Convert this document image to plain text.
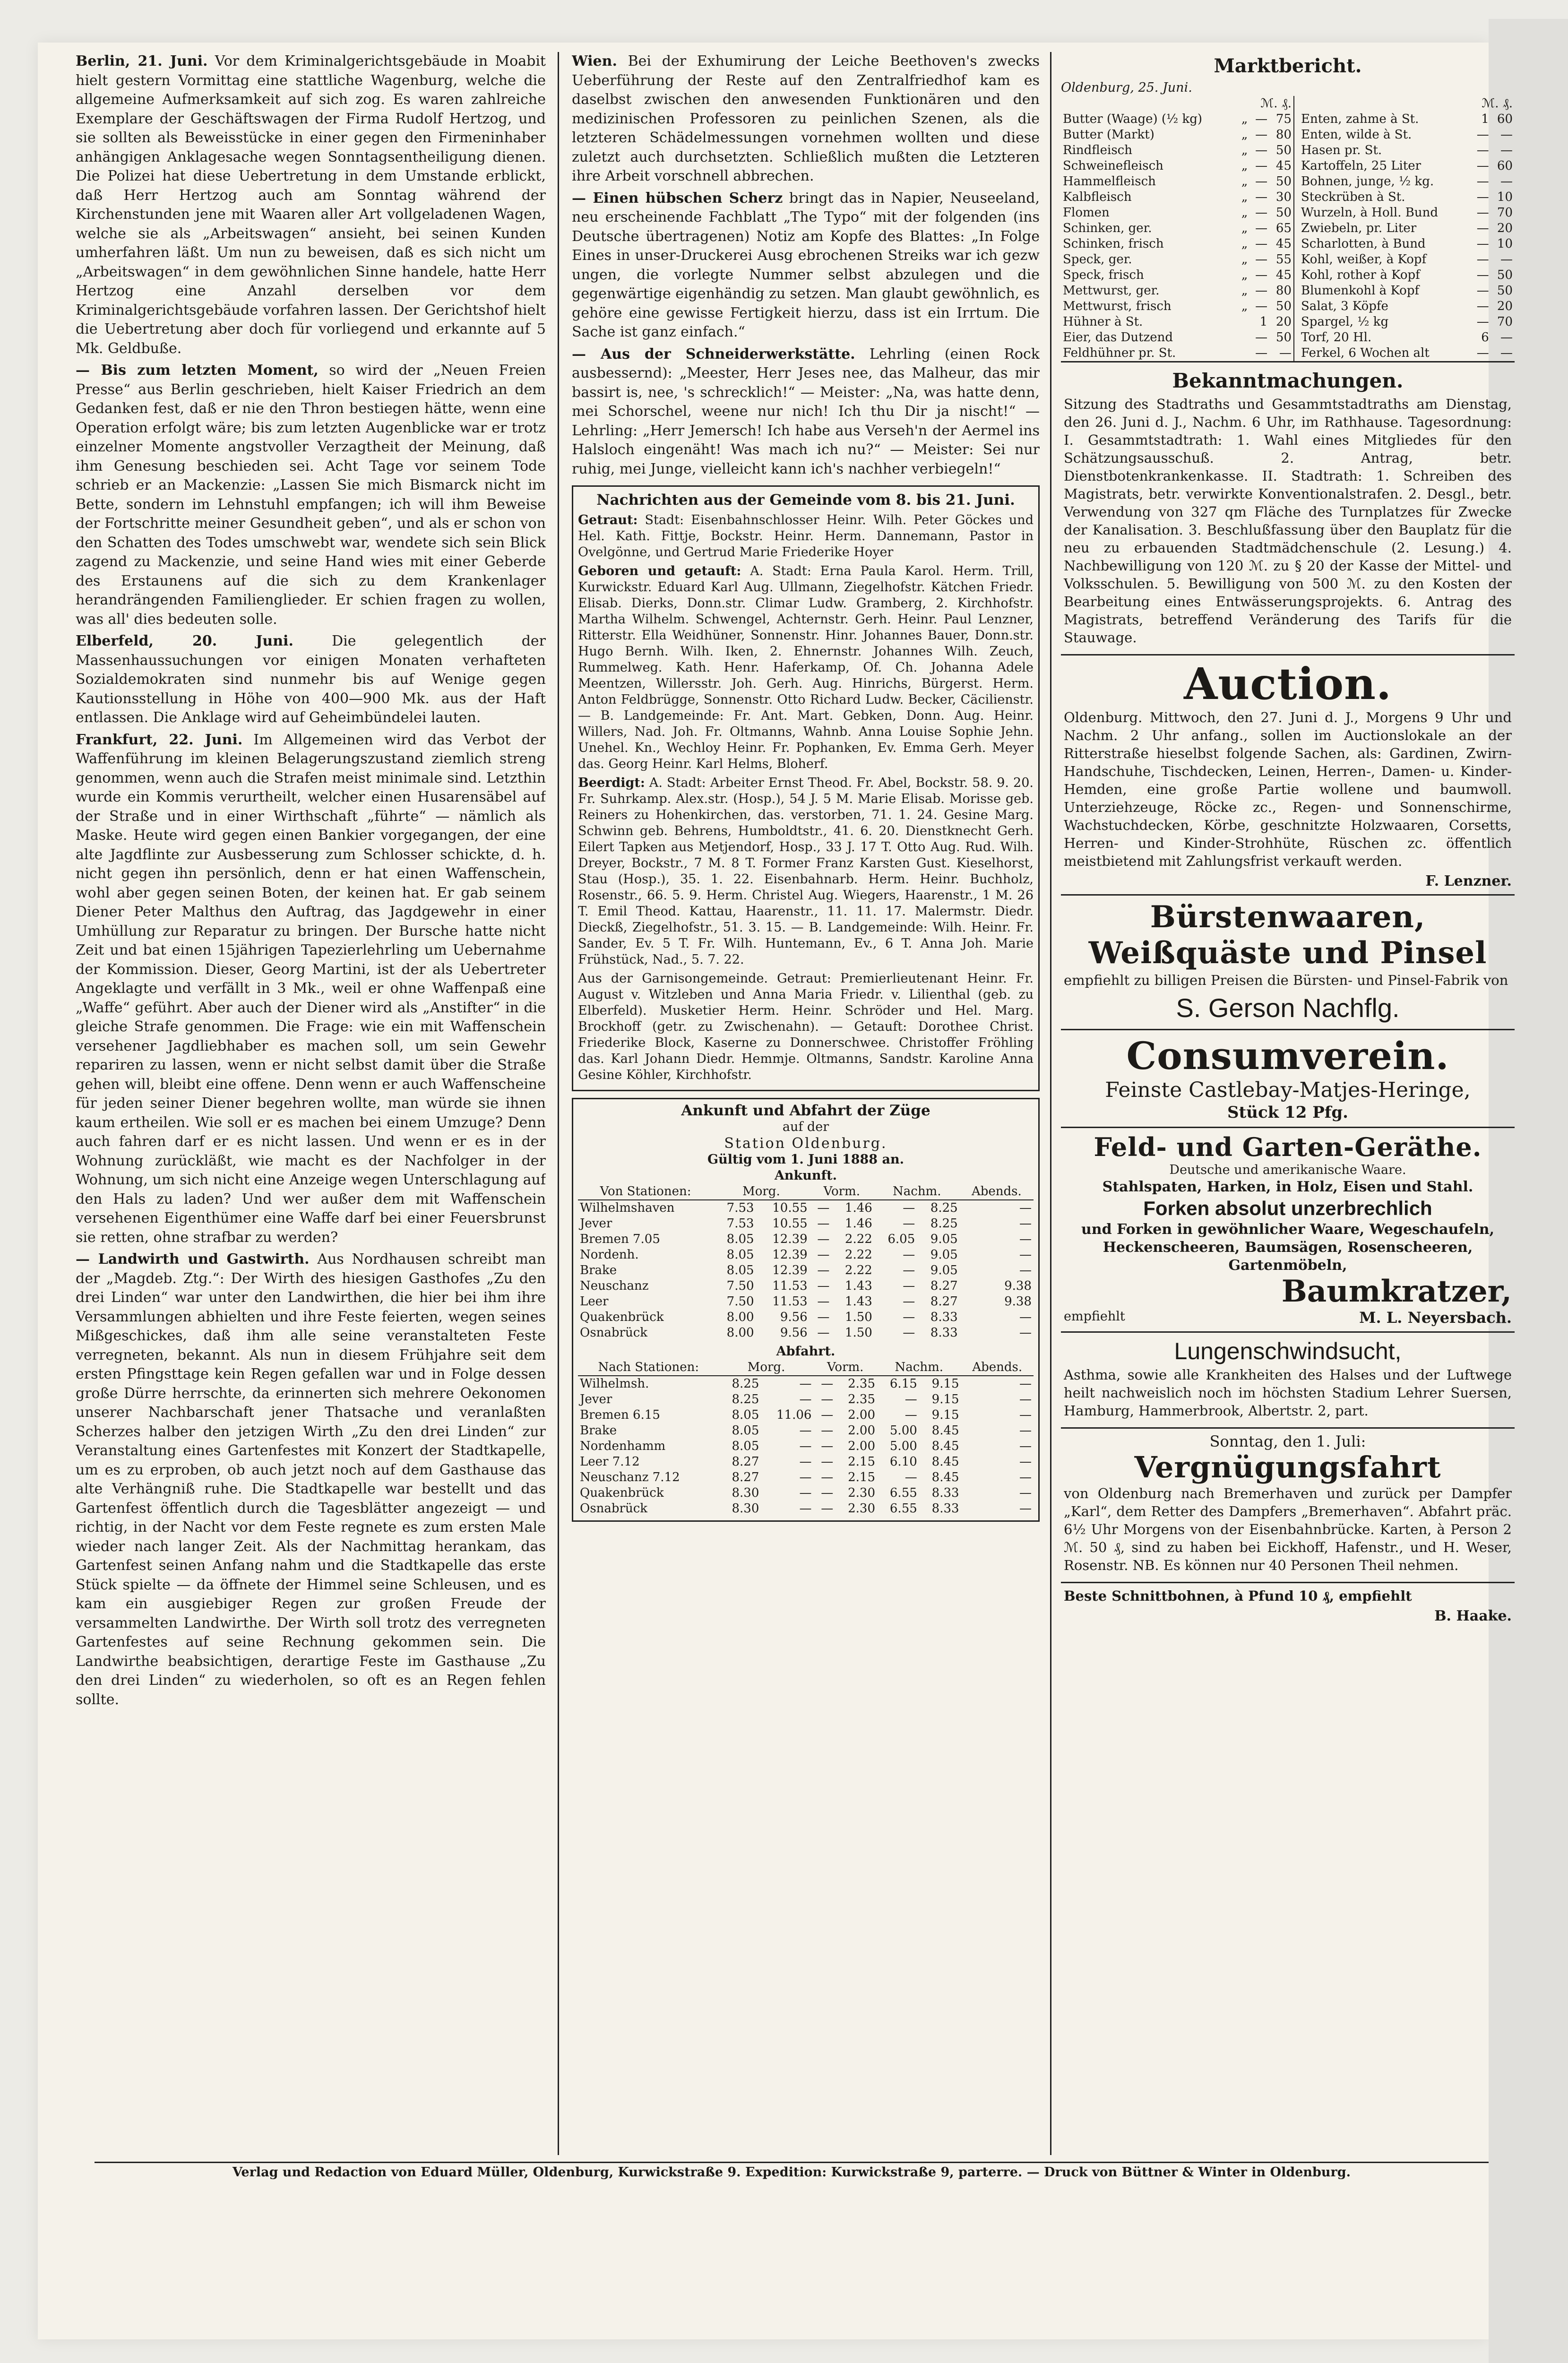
Berlin, 21. Juni. Vor dem Kriminalgerichtsgebäude in Moabit hielt gestern Vormittag eine stattliche Wagenburg, welche die allgemeine Aufmerksamkeit auf sich zog. Es waren zahlreiche Exemplare der Geschäftswagen der Firma Rudolf Hertzog, und sie sollten als Beweisstücke in einer gegen den Firmeninhaber anhängigen Anklagesache wegen Sonntagsentheiligung dienen. Die Polizei hat diese Uebertretung in dem Umstande erblickt, daß Herr Hertzog auch am Sonntag während der Kirchenstunden jene mit Waaren aller Art vollgeladenen Wagen, welche sie als „Arbeitswagen“ ansieht, bei seinen Kunden umherfahren läßt. Um nun zu beweisen, daß es sich nicht um „Arbeitswagen“ in dem gewöhnlichen Sinne handele, hatte Herr Hertzog eine Anzahl derselben vor dem Kriminalgerichtsgebäude vorfahren lassen. Der Gerichtshof hielt die Uebertretung aber doch für vorliegend und erkannte auf 5 Mk. Geldbuße.

— Bis zum letzten Moment, so wird der „Neuen Freien Presse“ aus Berlin geschrieben, hielt Kaiser Friedrich an dem Gedanken fest, daß er nie den Thron bestiegen hätte, wenn eine Operation erfolgt wäre; bis zum letzten Augenblicke war er trotz einzelner Momente angstvoller Verzagtheit der Meinung, daß ihm Genesung beschieden sei. Acht Tage vor seinem Tode schrieb er an Mackenzie: „Lassen Sie mich Bismarck nicht im Bette, sondern im Lehnstuhl empfangen; ich will ihm Beweise der Fortschritte meiner Gesundheit geben“, und als er schon von den Schatten des Todes umschwebt war, wendete sich sein Blick zagend zu Mackenzie, und seine Hand wies mit einer Geberde des Erstaunens auf die sich zu dem Krankenlager herandrängenden Familienglieder. Er schien fragen zu wollen, was all' dies bedeuten solle.

Elberfeld, 20. Juni.	Die gelegentlich der Massenhaussuchungen vor einigen Monaten verhafteten Sozialdemokraten sind nunmehr bis auf Wenige gegen Kautionsstellung in Höhe von 400—900 Mk. aus der Haft entlassen. Die Anklage wird auf Geheimbündelei lauten.

Frankfurt, 22. Juni. Im Allgemeinen wird das Verbot der Waffenführung im kleinen Belagerungszustand ziemlich streng genommen, wenn auch die Strafen meist minimale sind. Letzthin wurde ein Kommis verurtheilt, welcher einen Husarensäbel auf der Straße und in einer Wirthschaft „führte“ — nämlich als Maske. Heute wird gegen einen Bankier vorgegangen, der eine alte Jagdflinte zur Ausbesserung zum Schlosser schickte, d. h. nicht gegen ihn persönlich, denn er hat einen Waffenschein, wohl aber gegen seinen Boten, der keinen hat. Er gab seinem Diener Peter Malthus den Auftrag, das Jagdgewehr in einer Umhüllung zur Reparatur zu bringen. Der Bursche hatte nicht Zeit und bat einen 15jährigen Tapezierlehrling um Uebernahme der Kommission. Dieser, Georg Martini, ist der als Uebertreter Angeklagte und verfällt in 3 Mk., weil er ohne Waffenpaß eine „Waffe“ geführt. Aber auch der Diener wird als „Anstifter“ in die gleiche Strafe genommen. Die Frage: wie ein mit Waffenschein versehener Jagdliebhaber es machen soll, um sein Gewehr repariren zu lassen, wenn er nicht selbst damit über die Straße gehen will, bleibt eine offene. Denn wenn er auch Waffenscheine für jeden seiner Diener begehren wollte, man würde sie ihnen kaum ertheilen. Wie soll er es machen bei einem Umzuge? Denn auch fahren darf er es nicht lassen. Und wenn er es in der Wohnung zurückläßt, wie macht es der Nachfolger in der Wohnung, um sich nicht eine Anzeige wegen Unterschlagung auf den Hals zu laden? Und wer außer dem mit Waffenschein versehenen Eigenthümer eine Waffe darf bei einer Feuersbrunst sie retten, ohne strafbar zu werden?

— Landwirth und Gastwirth. Aus Nordhausen schreibt man der „Magdeb. Ztg.“: Der Wirth des hiesigen Gasthofes „Zu den drei Linden“ war unter den Landwirthen, die hier bei ihm ihre Versammlungen abhielten und ihre Feste feierten, wegen seines Mißgeschickes, daß ihm alle seine veranstalteten Feste verregneten, bekannt. Als nun in diesem Frühjahre seit dem ersten Pfingsttage kein Regen gefallen war und in Folge dessen große Dürre herrschte, da erinnerten sich mehrere Oekonomen unserer Nachbarschaft jener Thatsache und veranlaßten Scherzes halber den jetzigen Wirth „Zu den drei Linden“ zur Veranstaltung eines Gartenfestes mit Konzert der Stadtkapelle, um es zu erproben, ob auch jetzt noch auf dem Gasthause das alte Verhängniß ruhe. Die Stadtkapelle war bestellt und das Gartenfest öffentlich durch die Tagesblätter angezeigt — und richtig, in der Nacht vor dem Feste regnete es zum ersten Male wieder nach langer Zeit. Als der Nachmittag herankam, das Gartenfest seinen Anfang nahm und die Stadtkapelle das erste Stück spielte — da öffnete der Himmel seine Schleusen, und es kam ein ausgiebiger Regen zur großen Freude der versammelten Landwirthe. Der Wirth soll trotz des verregneten Gartenfestes auf seine Rechnung gekommen sein. Die Landwirthe beabsichtigen, derartige Feste im Gasthause „Zu den drei Linden“ zu wiederholen, so oft es an Regen fehlen sollte.

Wien. Bei der Exhumirung der Leiche Beethoven's zwecks Ueberführung der Reste auf den Zentralfriedhof kam es daselbst zwischen den anwesenden Funktionären und den medizinischen Professoren zu peinlichen Szenen, als die letzteren Schädelmessungen vornehmen wollten und diese zuletzt auch durchsetzten. Schließlich mußten die Letzteren ihre Arbeit vorschnell abbrechen.

— Einen hübschen Scherz bringt das in Napier, Neuseeland, neu erscheinende Fachblatt „The Typo“ mit der folgenden (ins Deutsche übertragenen) Notiz am Kopfe des Blattes: „In Folge Eines in unser-Druckerei Ausg ebrochenen Streiks war ich gezw ungen, die vorlegte Nummer selbst abzulegen und die gegenwärtige eigenhändig zu setzen. Man glaubt gewöhnlich, es gehöre eine gewisse Fertigkeit hierzu, dass ist ein Irrtum. Die Sache ist ganz einfach.“

— Aus der Schneiderwerkstätte. Lehrling (einen Rock ausbessernd): „Meester, Herr Jeses nee, das Malheur, das mir bassirt is, nee, 's schrecklich!“ — Meister: „Na, was hatte denn, mei Schorschel, weene nur nich! Ich thu Dir ja nischt!“ — Lehrling: „Herr Jemersch! Ich habe aus Verseh'n der Aermel ins Halsloch eingenäht! Was mach ich nu?“ — Meister: Sei nur ruhig, mei Junge, vielleicht kann ich's nachher verbiegeln!“

Nachrichten aus der Gemeinde vom 8. bis 21. Juni.

Getraut: Stadt: Eisenbahnschlosser Heinr. Wilh. Peter Göckes und Hel. Kath. Fittje, Bockstr. Heinr. Herm. Dannemann, Pastor in Ovelgönne, und Gertrud Marie Friederike Hoyer

Geboren und getauft: A. Stadt: Erna Paula Karol. Herm. Trill, Kurwickstr. Eduard Karl Aug. Ullmann, Ziegelhofstr. Kätchen Friedr. Elisab. Dierks, Donn.str. Climar Ludw. Gramberg, 2. Kirchhofstr. Martha Wilhelm. Schwengel, Achternstr. Gerh. Heinr. Paul Lenzner, Ritterstr. Ella Weidhüner, Sonnenstr. Hinr. Johannes Bauer, Donn.str. Hugo Bernh. Wilh. Iken, 2. Ehnernstr. Johannes Wilh. Zeuch, Rummelweg. Kath. Henr. Haferkamp, Of. Ch. Johanna Adele Meentzen, Willersstr. Joh. Gerh. Aug. Hinrichs, Bürgerst. Herm. Anton Feldbrügge, Sonnenstr. Otto Richard Ludw. Becker, Cäcilienstr. — B. Landgemeinde: Fr. Ant. Mart. Gebken, Donn. Aug. Heinr. Willers, Nad. Joh. Fr. Oltmanns, Wahnb. Anna Louise Sophie Jehn. Unehel. Kn., Wechloy Heinr. Fr. Pophanken, Ev. Emma Gerh. Meyer das. Georg Heinr. Karl Helms, Bloherf.

Beerdigt: A. Stadt: Arbeiter Ernst Theod. Fr. Abel, Bockstr. 58. 9. 20. Fr. Suhrkamp. Alex.str. (Hosp.), 54 J. 5 M. Marie Elisab. Morisse geb. Reiners zu Hohenkirchen, das. verstorben, 71. 1. 24. Gesine Marg. Schwinn geb. Behrens, Humboldtstr., 41. 6. 20. Dienstknecht Gerh. Eilert Tapken aus Metjendorf, Hosp., 33 J. 17 T. Otto Aug. Rud. Wilh. Dreyer, Bockstr., 7 M. 8 T. Former Franz Karsten Gust. Kieselhorst, Stau (Hosp.), 35. 1. 22. Eisenbahnarb. Herm. Heinr. Buchholz, Rosenstr., 66. 5. 9. Herm. Christel Aug. Wiegers, Haarenstr., 1 M. 26 T. Emil Theod. Kattau, Haarenstr., 11. 11. 17. Malermstr. Diedr. Dieckß, Ziegelhofstr., 51. 3. 15. — B. Landgemeinde: Wilh. Heinr. Fr. Sander, Ev. 5 T. Fr. Wilh. Huntemann, Ev., 6 T. Anna Joh. Marie Frühstück, Nad., 5. 7. 22.

Aus der Garnisongemeinde. Getraut: Premierlieutenant Heinr. Fr. August v. Witzleben und Anna Maria Friedr. v. Lilienthal (geb. zu Elberfeld). Musketier Herm. Heinr. Schröder und Hel. Marg. Brockhoff (getr. zu Zwischenahn). — Getauft: Dorothee Christ. Friederike Block, Kaserne zu Donnerschwee. Christoffer Fröhling das. Karl Johann Diedr. Hemmje. Oltmanns, Sandstr. Karoline Anna Gesine Köhler, Kirchhofstr.

Ankunft und Abfahrt der Züge
auf der
Station Oldenburg.
Gültig vom 1. Juni 1888 an.
Ankunft.
Von Stationen:	Morg.		Vorm.		Nachm.		Abends.
Wilhelmshaven	7.53	10.55	—	1.46	—	8.25	—
Jever	7.53	10.55	—	1.46	—	8.25	—
Bremen 7.05	8.05	12.39	—	2.22	6.05	9.05	—
Nordenh.	8.05	12.39	—	2.22	—	9.05	—
Brake	8.05	12.39	—	2.22	—	9.05	—
Neuschanz	7.50	11.53	—	1.43	—	8.27	9.38
Leer	7.50	11.53	—	1.43	—	8.27	9.38
Quakenbrück	8.00	9.56	—	1.50	—	8.33	—
Osnabrück	8.00	9.56	—	1.50	—	8.33	—
Abfahrt.
Nach Stationen:	Morg.		Vorm.		Nachm.		Abends.
Wilhelmsh.	8.25	—	—	2.35	6.15	9.15	—
Jever	8.25	—	—	2.35	—	9.15	—
Bremen 6.15	8.05	11.06	—	2.00	—	9.15	—
Brake	8.05	—	—	2.00	5.00	8.45	—
Nordenhamm	8.05	—	—	2.00	5.00	8.45	—
Leer 7.12	8.27	—	—	2.15	6.10	8.45	—
Neuschanz 7.12	8.27	—	—	2.15	—	8.45	—
Quakenbrück	8.30	—	—	2.30	6.55	8.33	—
Osnabrück	8.30	—	—	2.30	6.55	8.33	—
Marktbericht.
Oldenburg, 25. Juni.
		ℳ. ₰.	
Butter (Waage) (½ kg)	„	—	75
Butter (Markt)	„	—	80
Rindfleisch	„	—	50
Schweinefleisch	„	—	45
Hammelfleisch	„	—	50
Kalbfleisch	„	—	30
Flomen	„	—	50
Schinken, ger.	„	—	65
Schinken, frisch	„	—	45
Speck, ger.	„	—	55
Speck, frisch	„	—	45
Mettwurst, ger.	„	—	80
Mettwurst, frisch	„	—	50
Hühner à St.		1	20
Eier, das Dutzend		—	50
Feldhühner pr. St.		—	—
	ℳ. ₰.	
Enten, zahme à St.	1	60
Enten, wilde à St.	—	—
Hasen pr. St.	—	—
Kartoffeln, 25 Liter	—	60
Bohnen, junge, ½ kg.	—	—
Steckrüben à St.	—	10
Wurzeln, à Holl. Bund	—	70
Zwiebeln, pr. Liter	—	20
Scharlotten, à Bund	—	10
Kohl, weißer, à Kopf	—	—
Kohl, rother à Kopf	—	50
Blumenkohl à Kopf	—	50
Salat, 3 Köpfe	—	20
Spargel, ½ kg	—	70
Torf, 20 Hl.	6	—
Ferkel, 6 Wochen alt	—	—
Bekanntmachungen.

Sitzung des Stadtraths und Gesammtstadtraths am Dienstag, den 26. Juni d. J., Nachm. 6 Uhr, im Rathhause. Tagesordnung: I. Gesammtstadtrath: 1. Wahl eines Mitgliedes für den Schätzungsausschuß. 2. Antrag, betr. Dienstbotenkrankenkasse. II. Stadtrath: 1. Schreiben des Magistrats, betr. verwirkte Konventionalstrafen. 2. Desgl., betr. Verwendung von 327 qm Fläche des Turnplatzes für Zwecke der Kanalisation. 3. Beschlußfassung über den Bauplatz für die neu zu erbauenden Stadtmädchenschule (2. Lesung.) 4. Nachbewilligung von 120 ℳ. zu § 20 der Kasse der Mittel- und Volksschulen. 5. Bewilligung von 500 ℳ. zu den Kosten der Bearbeitung eines Entwässerungsprojekts. 6. Antrag des Magistrats, betreffend Veränderung des Tarifs für die Stauwage.

Auction.

Oldenburg. Mittwoch, den 27. Juni d. J., Morgens 9 Uhr und Nachm. 2 Uhr anfang., sollen im Auctionslokale an der Ritterstraße hieselbst folgende Sachen, als: Gardinen, Zwirn-Handschuhe, Tischdecken, Leinen, Herren-, Damen- u. Kinder-Hemden, eine große Partie wollene und baumwoll. Unterziehzeuge, Röcke zc., Regen- und Sonnenschirme, Wachstuchdecken, Körbe, geschnitzte Holzwaaren, Corsetts, Herren- und Kinder-Strohhüte, Rüschen zc. öffentlich meistbietend mit Zahlungsfrist verkauft werden.

F. Lenzner.
Bürstenwaaren,
Weißquäste und Pinsel

empfiehlt zu billigen Preisen die Bürsten- und Pinsel-Fabrik von

S. Gerson Nachflg.
Consumverein.
Feinste Castlebay-Matjes-Heringe,
Stück 12 Pfg.
Feld- und Garten-Geräthe.
Deutsche und amerikanische Waare.
Stahlspaten, Harken, in Holz, Eisen und Stahl.
Forken absolut unzerbrechlich
und Forken in gewöhnlicher Waare, Wegeschaufeln, Heckenscheeren, Baumsägen, Rosenscheeren, Gartenmöbeln,
Baumkratzer,
empfiehlt	M. L. Neyersbach.
Lungenschwindsucht,

Asthma, sowie alle Krankheiten des Halses und der Luftwege heilt nachweislich noch im höchsten Stadium Lehrer Suersen, Hamburg, Hammerbrook, Albertstr. 2, part.

Sonntag, den 1. Juli:
Vergnügungsfahrt

von Oldenburg nach Bremerhaven und zurück per Dampfer „Karl“, dem Retter des Dampfers „Bremerhaven“. Abfahrt präc. 6½ Uhr Morgens von der Eisenbahnbrücke. Karten, à Person 2 ℳ. 50 ₰, sind zu haben bei Eickhoff, Hafenstr., und H. Weser, Rosenstr. NB. Es können nur 40 Personen Theil nehmen.

Beste Schnittbohnen, à Pfund 10 ₰, empfiehlt

B. Haake.
Verlag und Redaction von Eduard Müller, Oldenburg, Kurwickstraße 9. Expedition: Kurwickstraße 9, parterre. — Druck von Büttner & Winter in Oldenburg.
